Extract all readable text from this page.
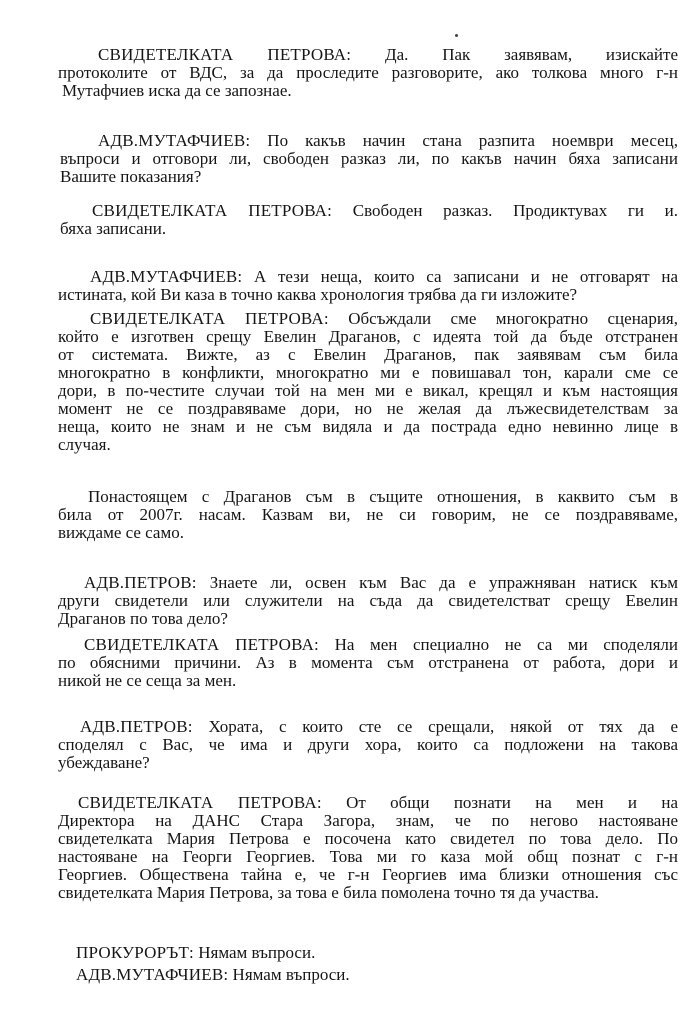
СВИДЕТЕЛКАТА ПЕТРОВА: Да. Пак заявявам, изискайте
протоколите от ВДС, за да проследите разговорите, ако толкова много г-н
Мутафчиев иска да се запознае.
АДВ.МУТАФЧИЕВ: По какъв начин стана разпита ноември месец,
въпроси и отговори ли, свободен разказ ли, по какъв начин бяха записани
Вашите показания?
СВИДЕТЕЛКАТА ПЕТРОВА: Свободен разказ. Продиктувах ги и.
бяха записани.
АДВ.МУТАФЧИЕВ: А тези неща, които са записани и не отговарят на
истината, кой Ви каза в точно каква хронология трябва да ги изложите?
СВИДЕТЕЛКАТА ПЕТРОВА: Обсъждали сме многократно сценария,
който е изготвен срещу Евелин Драганов, с идеята той да бъде отстранен
от системата. Вижте, аз с Евелин Драганов, пак заявявам съм била
многократно в конфликти, многократно ми е повишавал тон, карали сме се
дори, в по-честите случаи той на мен ми е викал, крещял и към настоящия
момент не се поздравяваме дори, но не желая да лъжесвидетелствам за
неща, които не знам и не съм видяла и да пострада едно невинно лице в
случая.
Понастоящем с Драганов съм в същите отношения, в каквито съм в
била от 2007г. насам. Казвам ви, не си говорим, не се поздравяваме,
виждаме се само.
АДВ.ПЕТРОВ: Знаете ли, освен към Вас да е упражняван натиск към
други свидетели или служители на съда да свидетелстват срещу Евелин
Драганов по това дело?
СВИДЕТЕЛКАТА ПЕТРОВА: На мен специално не са ми споделяли
по обясними причини. Аз в момента съм отстранена от работа, дори и
никой не се сеща за мен.
АДВ.ПЕТРОВ: Хората, с които сте се срещали, някой от тях да е
споделял с Вас, че има и други хора, които са подложени на такова
убеждаване?
СВИДЕТЕЛКАТА ПЕТРОВА: От общи познати на мен и на
Директора на ДАНС Стара Загора, знам, че по негово настояване
свидетелката Мария Петрова е посочена като свидетел по това дело. По
настояване на Георги Георгиев. Това ми го каза мой общ познат с г-н
Георгиев. Обществена тайна е, че г-н Георгиев има близки отношения със
свидетелката Мария Петрова, за това е била помолена точно тя да участва.
ПРОКУРОРЪТ: Нямам въпроси.
АДВ.МУТАФЧИЕВ: Нямам въпроси.
